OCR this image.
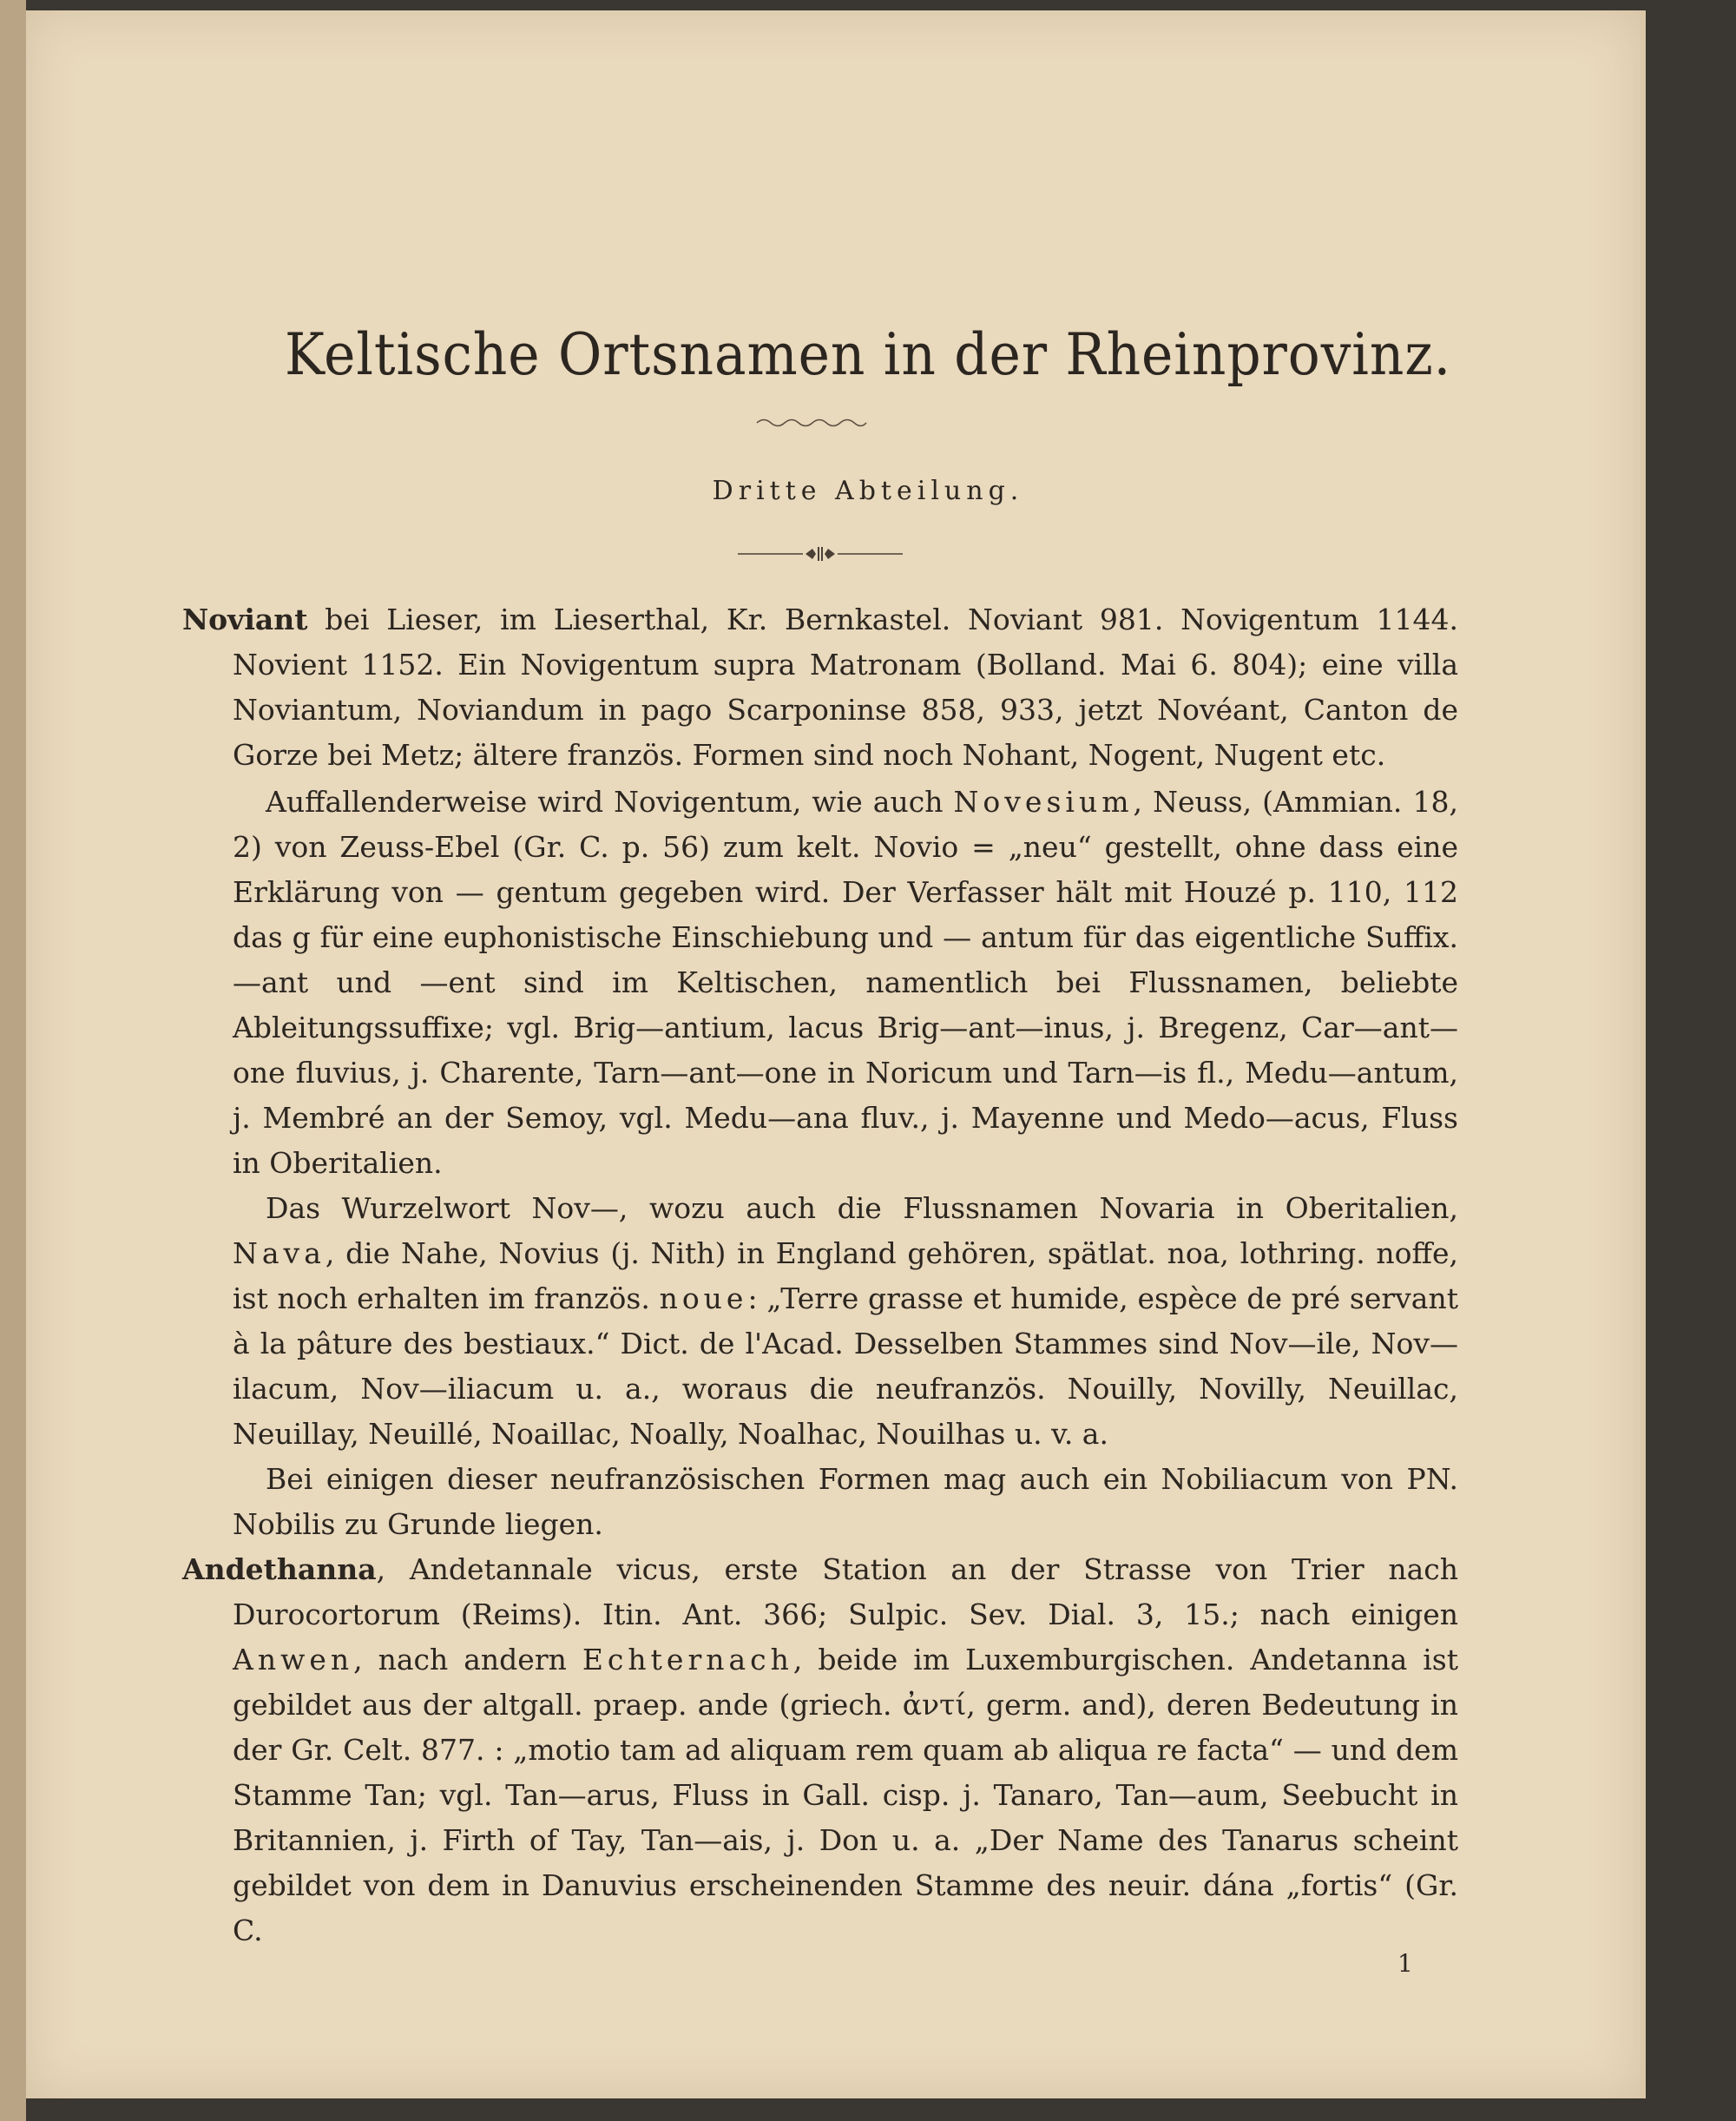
Keltische Ortsnamen in der Rheinprovinz.
Dritte Abteilung.

Noviant bei Lieser, im Lieserthal, Kr. Bernkastel. Noviant 981. Novigentum 1144. Novient 1152. Ein Novigentum supra Matronam (Bolland. Mai 6. 804); eine villa Noviantum, Noviandum in pago Scarponinse 858, 933, jetzt Novéant, Canton de Gorze bei Metz; ältere französ. Formen sind noch Nohant, Nogent, Nugent etc.

Auffallenderweise wird Novigentum, wie auch Novesium, Neuss, (Ammian. 18, 2) von Zeuss-Ebel (Gr. C. p. 56) zum kelt. Novio = „neu“ gestellt, ohne dass eine Erklärung von — gentum gegeben wird. Der Verfasser hält mit Houzé p. 110, 112 das g für eine euphonistische Einschiebung und — antum für das eigentliche Suffix. —ant und —ent sind im Keltischen, namentlich bei Flussnamen, beliebte Ableitungssuffixe; vgl. Brig—antium, lacus Brig—ant—inus, j. Bregenz, Car—ant—one fluvius, j. Charente, Tarn—ant—one in Noricum und Tarn—is fl., Medu—antum, j. Membré an der Semoy, vgl. Medu—ana fluv., j. Mayenne und Medo—acus, Fluss in Oberitalien.

Das Wurzelwort Nov—, wozu auch die Flussnamen Novaria in Oberitalien, Nava, die Nahe, Novius (j. Nith) in England gehören, spätlat. noa, lothring. noffe, ist noch erhalten im französ. noue: „Terre grasse et humide, espèce de pré servant à la pâture des bestiaux.“ Dict. de l'Acad. Desselben Stammes sind Nov—ile, Nov—ilacum, Nov—iliacum u. a., woraus die neufranzös. Nouilly, Novilly, Neuillac, Neuillay, Neuillé, Noaillac, Noally, Noalhac, Nouilhas u. v. a.

Bei einigen dieser neufranzösischen Formen mag auch ein Nobiliacum von PN. Nobilis zu Grunde liegen.

Andethanna, Andetannale vicus, erste Station an der Strasse von Trier nach Durocortorum (Reims). Itin. Ant. 366; Sulpic. Sev. Dial. 3, 15.; nach einigen Anwen, nach andern Echternach, beide im Luxemburgischen. Andetanna ist gebildet aus der altgall. praep. ande (griech. ἀντί, germ. and), deren Bedeutung in der Gr. Celt. 877. : „motio tam ad aliquam rem quam ab aliqua re facta“ — und dem Stamme Tan; vgl. Tan—arus, Fluss in Gall. cisp. j. Tanaro, Tan—aum, Seebucht in Britannien, j. Firth of Tay, Tan—ais, j. Don u. a. „Der Name des Tanarus scheint gebildet von dem in Danuvius erscheinenden Stamme des neuir. dána „fortis“ (Gr. C.

1
